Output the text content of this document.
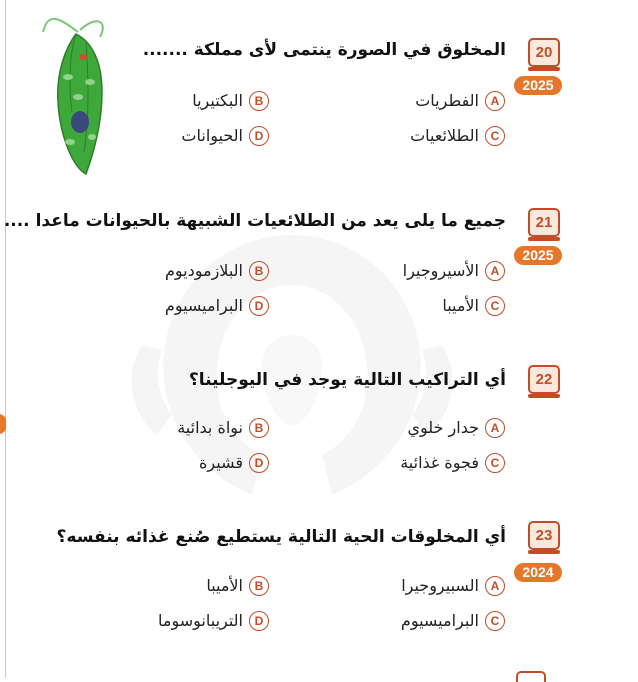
20
2025
المخلوق في الصورة ينتمى لأى مملكة .......
Aالفطريات
Bالبكتيريا
Cالطلائعيات
Dالحيوانات
21
2025
جميع ما يلى يعد من الطلائعيات الشبيهة بالحيوانات ماعدا ....
Aالأسيروجيرا
Bالبلازموديوم
Cالأميبا
Dالبراميسيوم
22
أي التراكيب التالية يوجد في اليوجلينا؟
Aجدار خلوي
Bنواة بدائية
Cفجوة غذائية
Dقشيرة
23
2024
أي المخلوقات الحية التالية يستطيع صُنع غذائه بنفسه؟
Aالسبيروجيرا
Bالأميبا
Cالبراميسيوم
Dالتريبانوسوما
